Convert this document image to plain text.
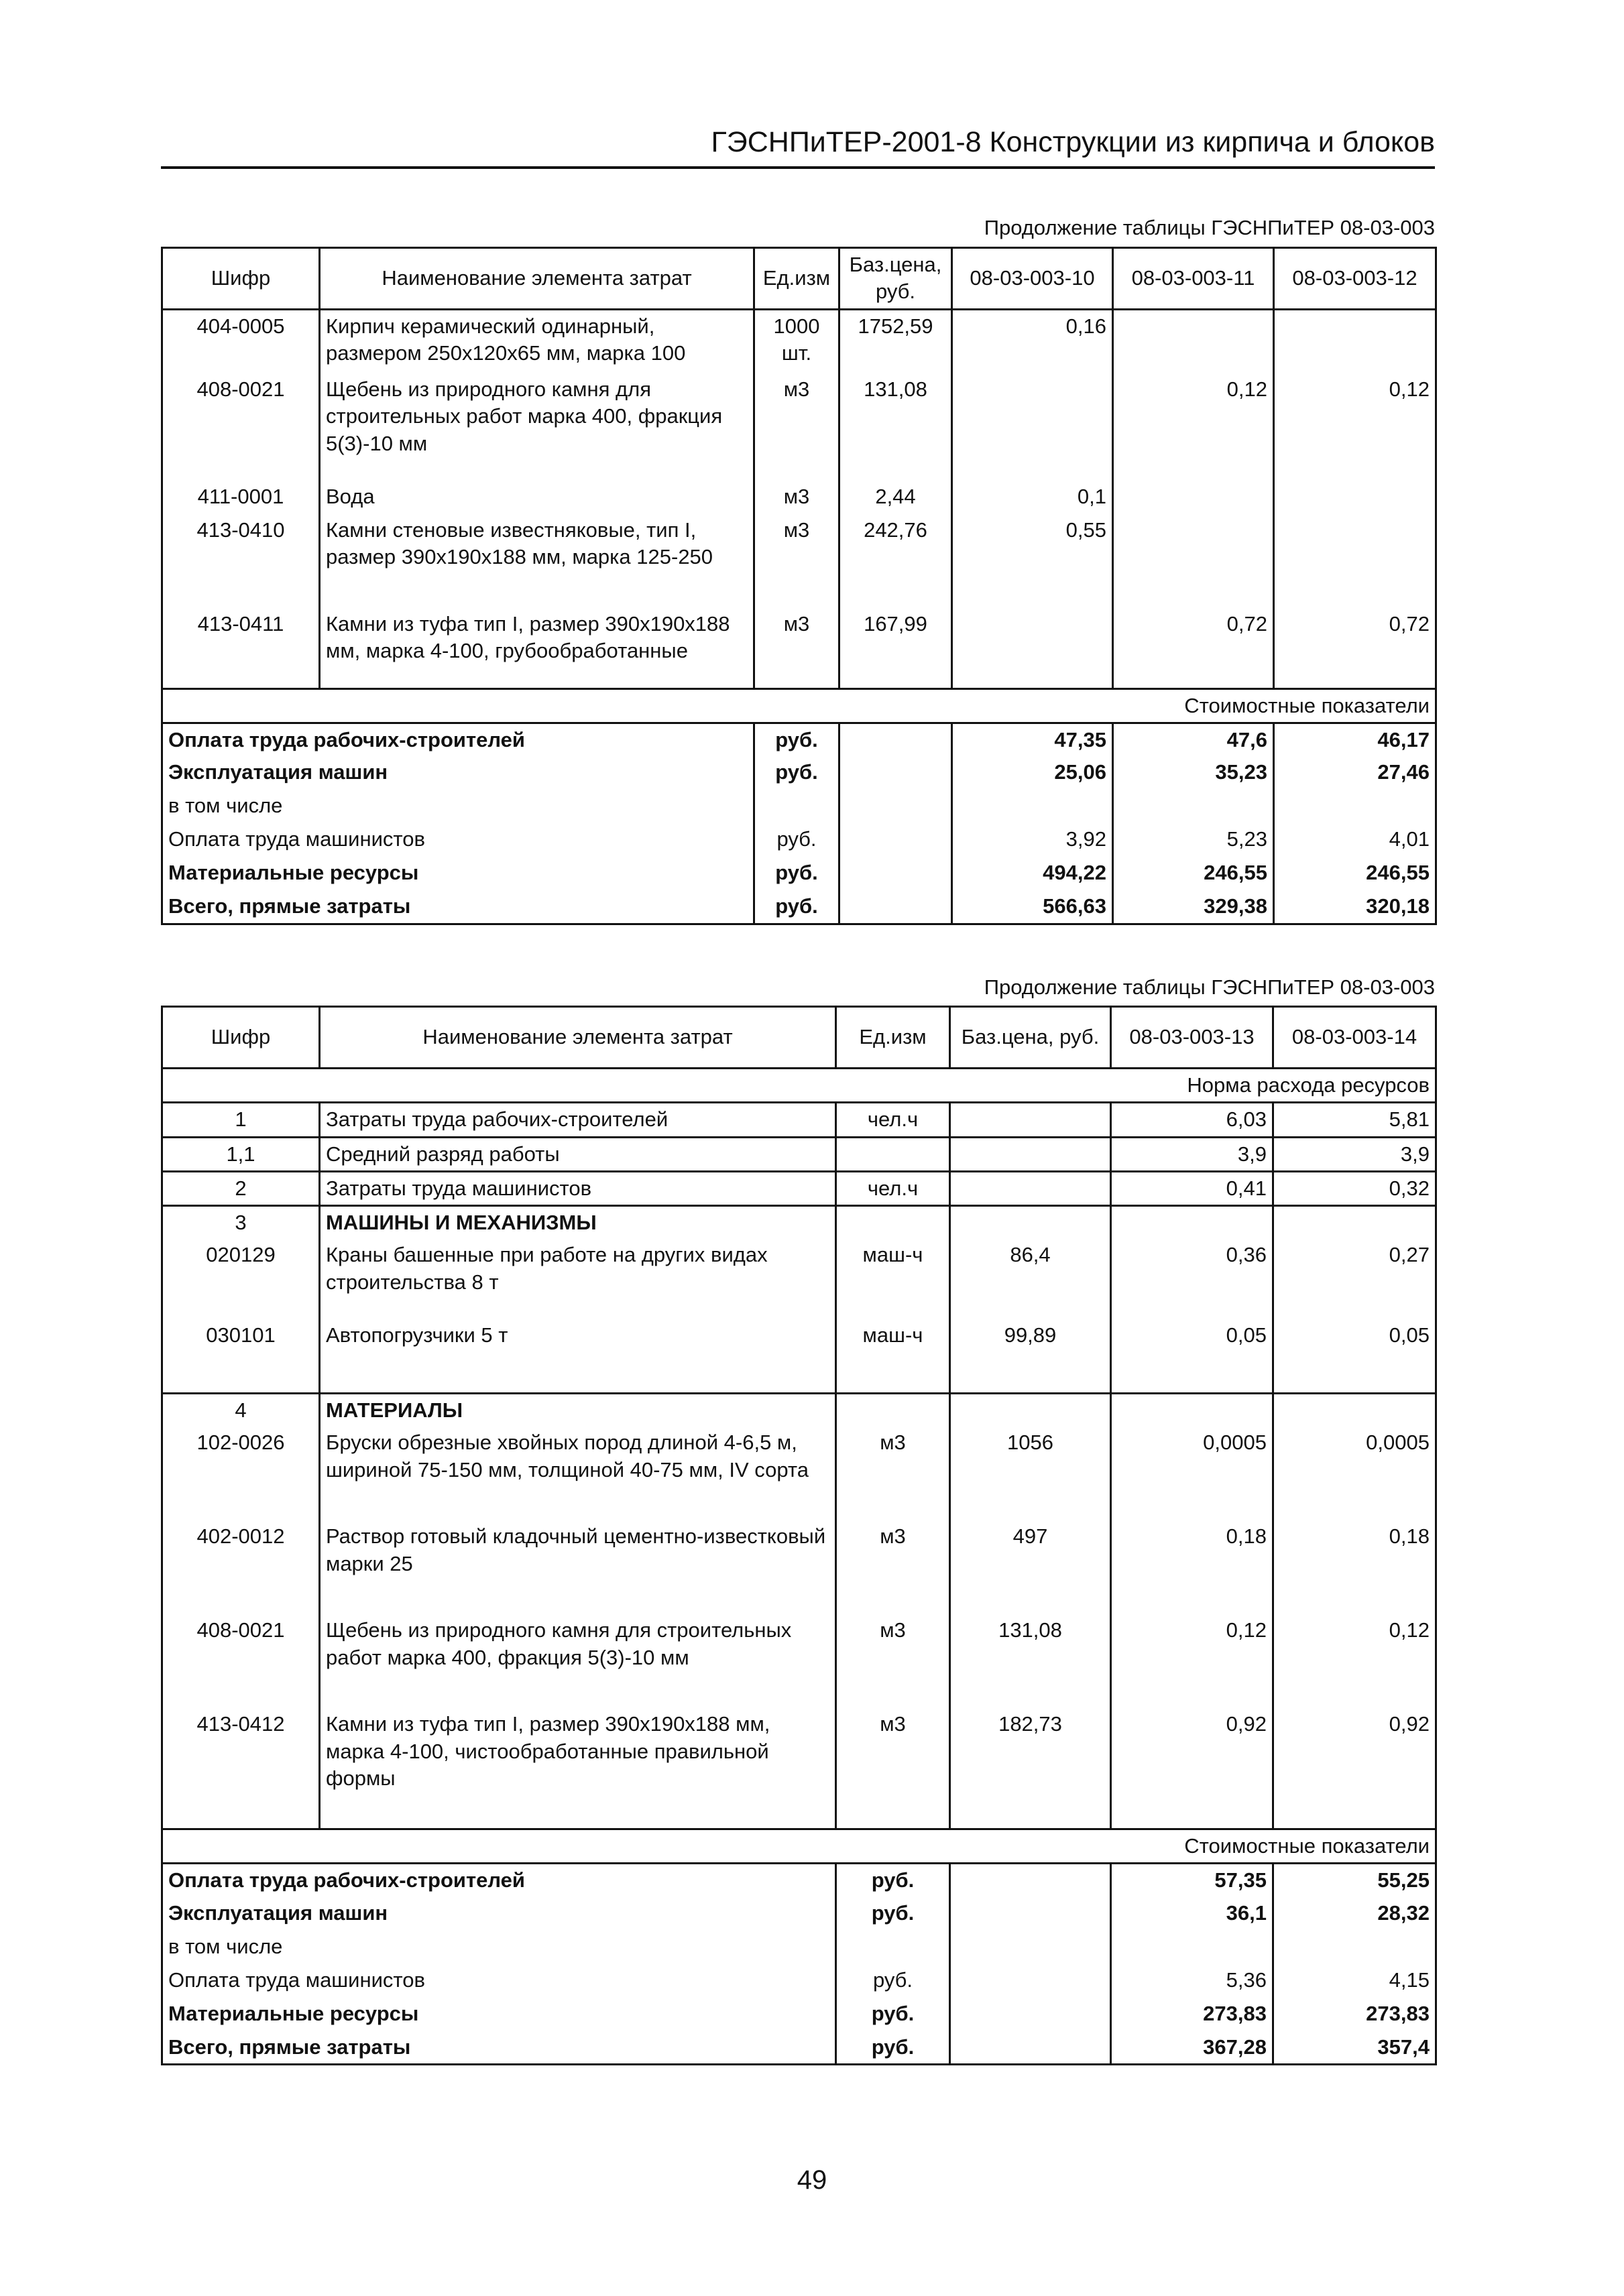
ГЭСНПиТЕР-2001-8 Конструкции из кирпича и блоков
Продолжение таблицы ГЭСНПиТЕР 08-03-003
Шифр	Наименование элемента затрат	Ед.изм	Баз.цена, руб.	08-03-003-10	08-03-003-11	08-03-003-12
404-0005	Кирпич керамический одинарный, размером 250х120х65 мм, марка 100	1000 шт.	1752,59	0,16		
408-0021	Щебень из природного камня для строительных работ марка 400, фракция 5(3)-10 мм	м3	131,08		0,12	0,12
411-0001	Вода	м3	2,44	0,1		
413-0410	Камни стеновые известняковые, тип I, размер 390х190х188 мм, марка 125-250	м3	242,76	0,55		
413-0411	Камни из туфа тип I, размер 390х190х188 мм, марка 4-100, грубообработанные	м3	167,99		0,72	0,72
Стоимостные показатели						
Оплата труда рабочих-строителей		руб.		47,35	47,6	46,17
Эксплуатация машин		руб.		25,06	35,23	27,46
в том числе						
Оплата труда машинистов		руб.		3,92	5,23	4,01
Материальные ресурсы		руб.		494,22	246,55	246,55
Всего, прямые затраты		руб.		566,63	329,38	320,18
Продолжение таблицы ГЭСНПиТЕР 08-03-003
Шифр	Наименование элемента затрат	Ед.изм	Баз.цена, руб.	08-03-003-13	08-03-003-14
Норма расхода ресурсов					
1	Затраты труда рабочих-строителей	чел.ч		6,03	5,81
1,1	Средний разряд работы			3,9	3,9
2	Затраты труда машинистов	чел.ч		0,41	0,32
3	МАШИНЫ И МЕХАНИЗМЫ				
020129	Краны башенные при работе на других видах строительства 8 т	маш-ч	86,4	0,36	0,27
030101	Автопогрузчики 5 т	маш-ч	99,89	0,05	0,05
4	МАТЕРИАЛЫ				
102-0026	Бруски обрезные хвойных пород длиной 4-6,5 м, шириной 75-150 мм, толщиной 40-75 мм, IV сорта	м3	1056	0,0005	0,0005
402-0012	Раствор готовый кладочный цементно-известковый марки 25	м3	497	0,18	0,18
408-0021	Щебень из природного камня для строительных работ марка 400, фракция 5(3)-10 мм	м3	131,08	0,12	0,12
413-0412	Камни из туфа тип I, размер 390х190х188 мм, марка 4-100, чистообработанные правильной формы	м3	182,73	0,92	0,92
Стоимостные показатели					
Оплата труда рабочих-строителей		руб.		57,35	55,25
Эксплуатация машин		руб.		36,1	28,32
в том числе					
Оплата труда машинистов		руб.		5,36	4,15
Материальные ресурсы		руб.		273,83	273,83
Всего, прямые затраты		руб.		367,28	357,4
49
